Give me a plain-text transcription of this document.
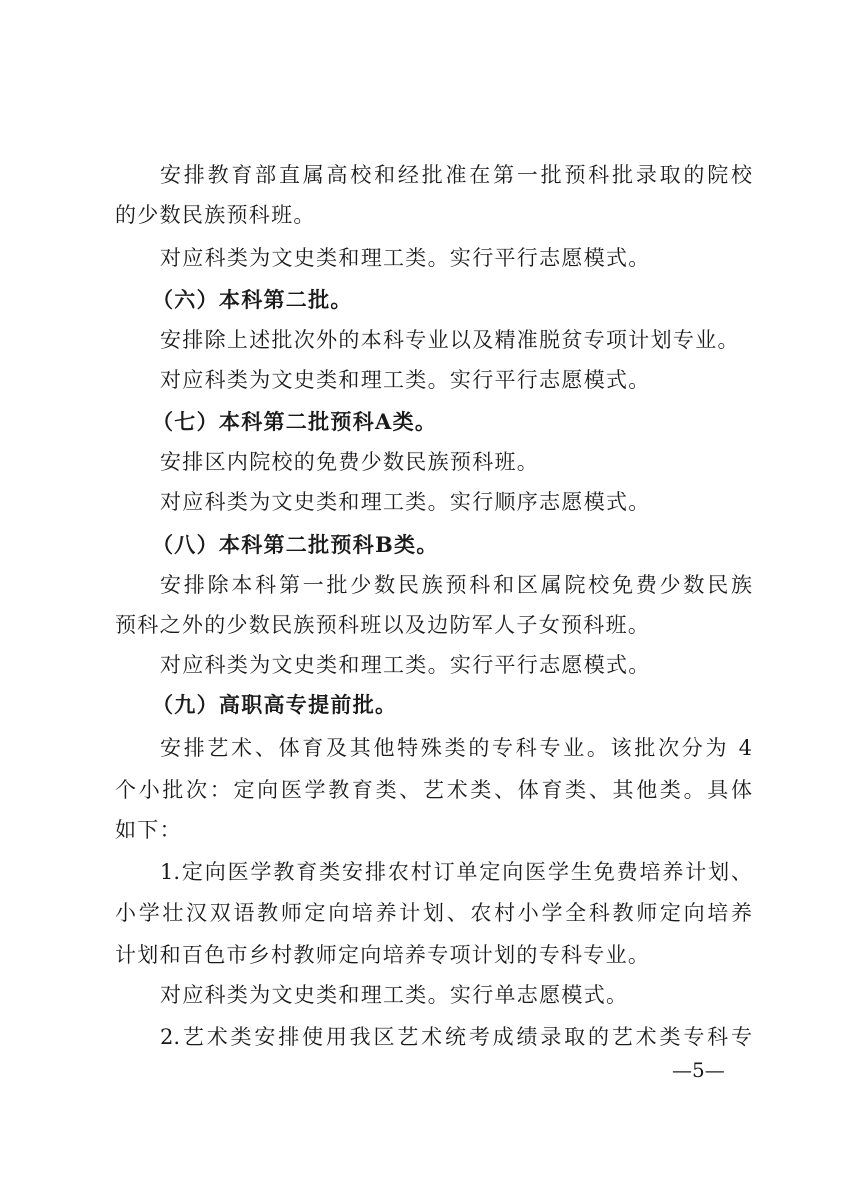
安排教育部直属高校和经批准在第一批预科批录取的院校
的少数民族预科班。
对应科类为文史类和理工类。实行平行志愿模式。
（六）本科第二批。
安排除上述批次外的本科专业以及精准脱贫专项计划专业。
对应科类为文史类和理工类。实行平行志愿模式。
（七）本科第二批预科A类。
安排区内院校的免费少数民族预科班。
对应科类为文史类和理工类。实行顺序志愿模式。
（八）本科第二批预科B类。
安排除本科第一批少数民族预科和区属院校免费少数民族
预科之外的少数民族预科班以及边防军人子女预科班。
对应科类为文史类和理工类。实行平行志愿模式。
（九）高职高专提前批。
安排艺术、体育及其他特殊类的专科专业。该批次分为 4
个小批次：定向医学教育类、艺术类、体育类、其他类。具体
如下：
1.定向医学教育类安排农村订单定向医学生免费培养计划、
小学壮汉双语教师定向培养计划、农村小学全科教师定向培养
计划和百色市乡村教师定向培养专项计划的专科专业。
对应科类为文史类和理工类。实行单志愿模式。
2.艺术类安排使用我区艺术统考成绩录取的艺术类专科专
—5—
